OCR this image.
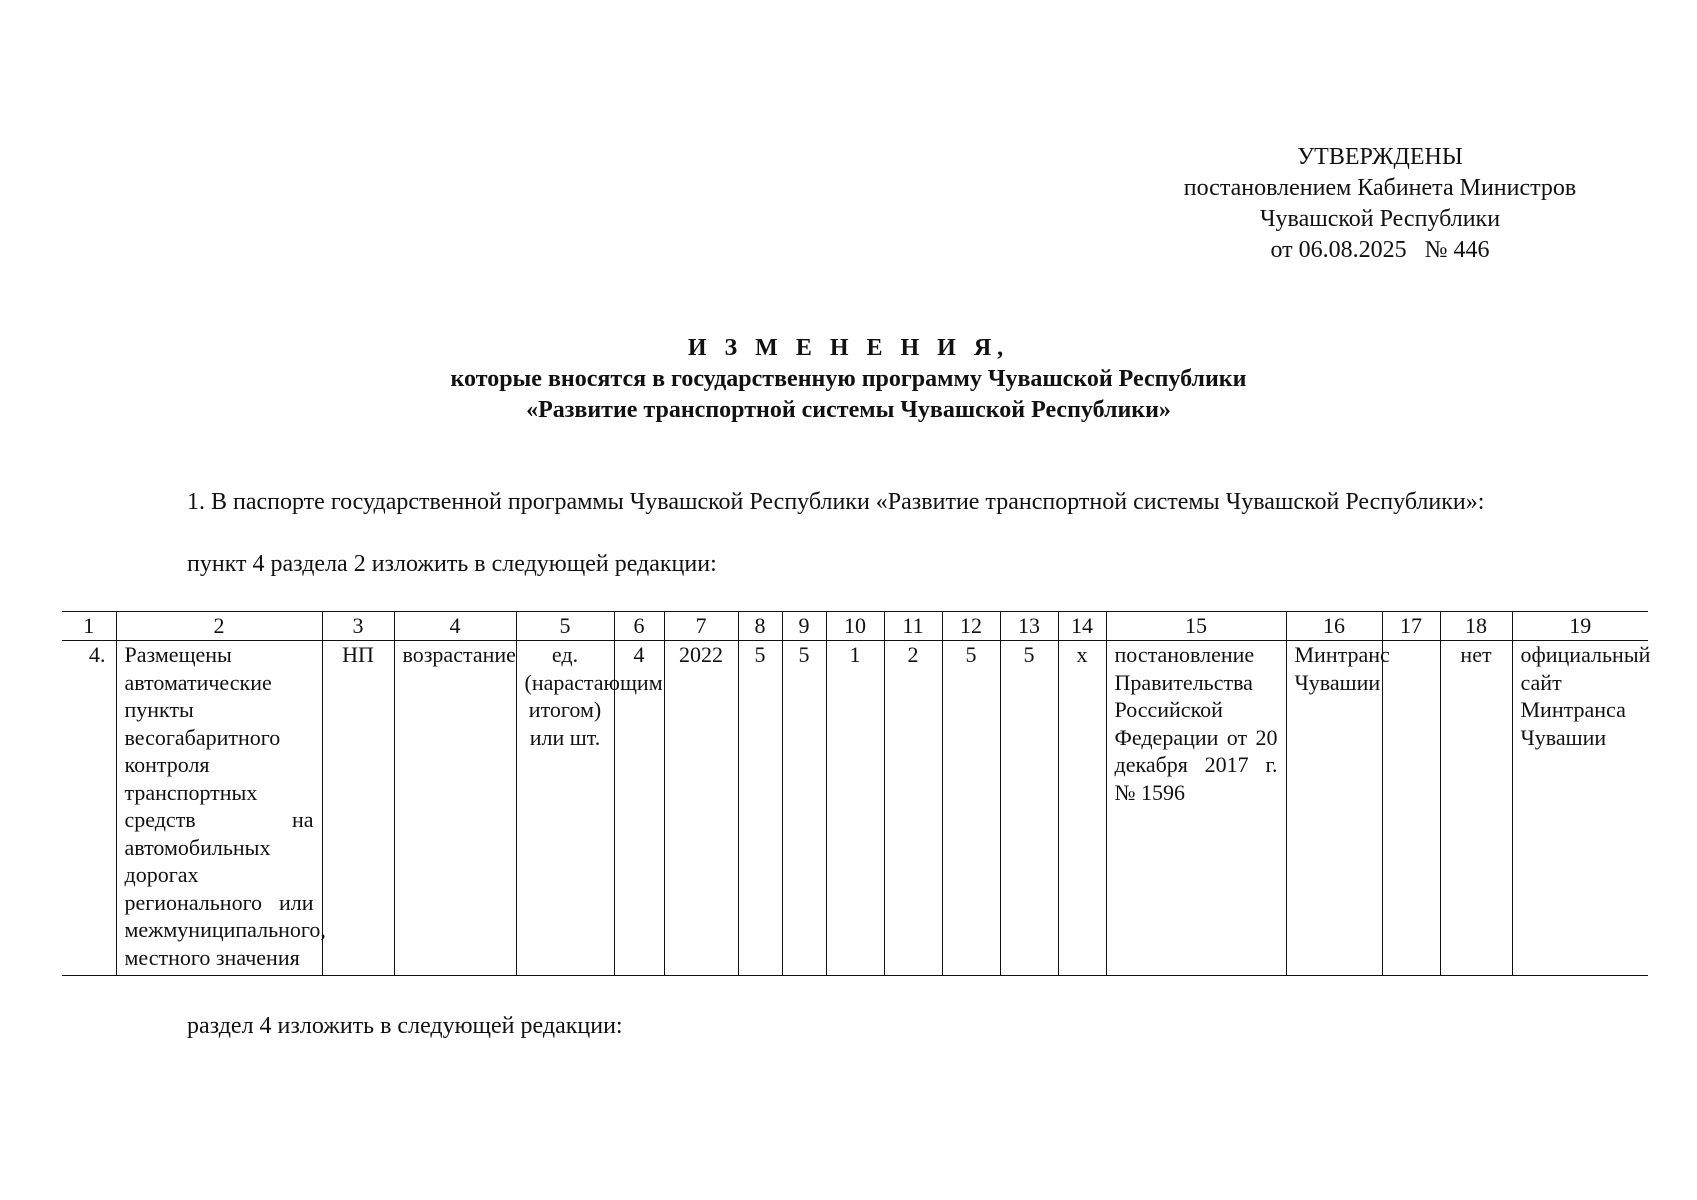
УТВЕРЖДЕНЫ
постановлением Кабинета Министров
Чувашской Республики
от 06.08.2025 № 446
И З М Е Н Е Н И Я,
которые вносятся в государственную программу Чувашской Республики
«Развитие транспортной системы Чувашской Республики»
1. В паспорте государственной программы Чувашской Республики «Развитие транспортной системы Чувашской Республики»:
пункт 4 раздела 2 изложить в следующей редакции:
1	2	3	4	5	6	7	8	9	10	11	12	13	14	15	16	17	18	19
4.	Размещены автоматические пункты весогабаритного контроля транспортных средств на автомобильных дорогах регионального или межмуниципального, местного значения	НП	возрастание	ед. (нарастающим итогом) или шт.	4	2022	5	5	1	2	5	5	x	постановление Правительства Российской Федерации от 20 декабря 2017 г. № 1596	Минтранс Чувашии		нет	официальный сайт Минтранса Чувашии
раздел 4 изложить в следующей редакции:
